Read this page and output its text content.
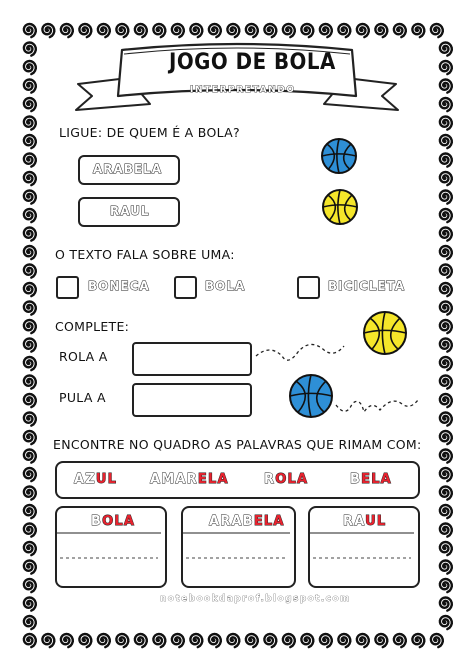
JOGO DE BOLA
INTERPRETANDO
LIGUE: DE QUEM É A BOLA?
ARABELA
RAUL
O TEXTO FALA SOBRE UMA:
BONECA	BOLA	BICICLETA
COMPLETE:
ROLA A
PULA A
ENCONTRE NO QUADRO AS PALAVRAS QUE RIMAM COM:
AZUL	AMARELA	ROLA	BELA
BOLA	ARABELA	RAUL
notebookdaprof.blogspot.com
